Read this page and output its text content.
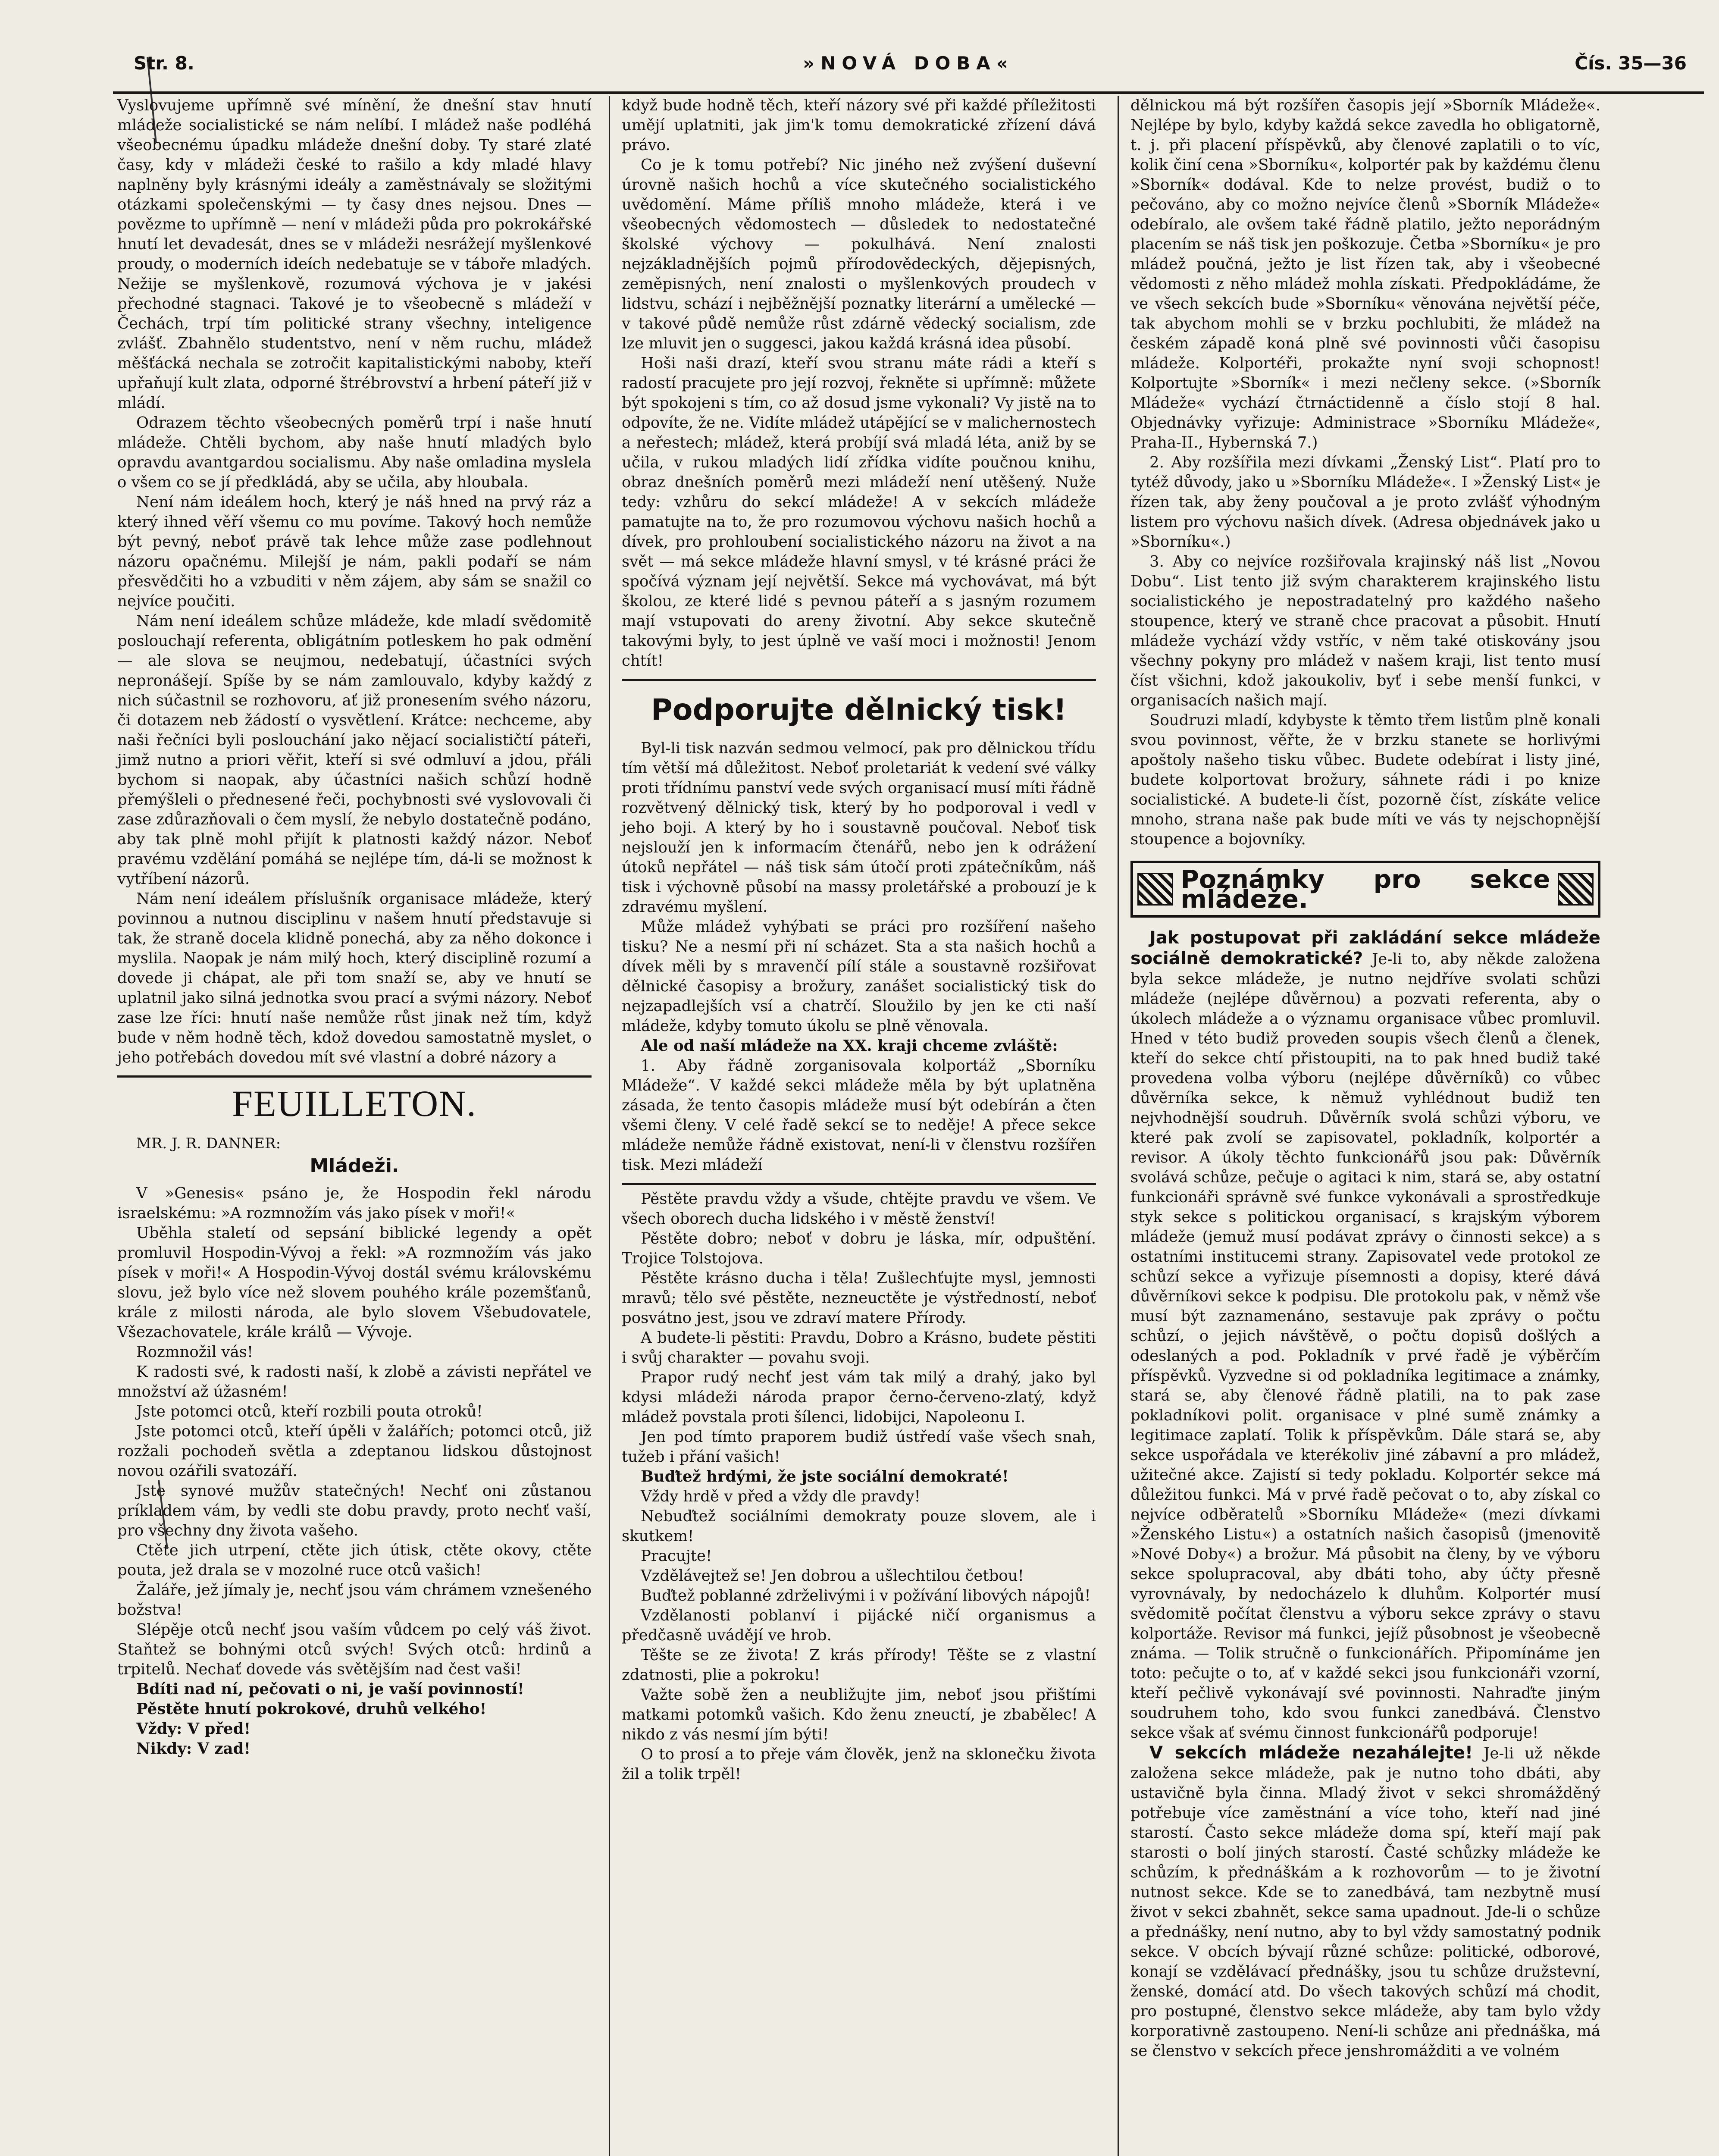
Str. 8.	»NOVÁ DOBA«	Čís. 35—36

Vyslovujeme upřímně své mínění, že dnešní stav hnutí mládeže socialistické se nám nelíbí. I mládež naše podléhá všeobecnému úpadku mládeže dnešní doby. Ty staré zlaté časy, kdy v mládeži české to rašilo a kdy mladé hlavy naplněny byly krásnými ideály a zaměstnávaly se složitými otázkami společenskými — ty časy dnes nejsou. Dnes — povězme to upřímně — není v mládeži půda pro pokrokářské hnutí let devadesát, dnes se v mládeži nesrážejí myšlenkové proudy, o moderních ideích nedebatuje se v táboře mladých. Nežije se myšlenkově, rozumová výchova je v jakési přechodné stagnaci. Takové je to všeobecně s mládeží v Čechách, trpí tím politické strany všechny, inteligence zvlášť. Zbahnělo studentstvo, není v něm ruchu, mládež měšťácká nechala se zotročit kapitalistickými naboby, kteří upřaňují kult zlata, odporné štrébrovství a hrbení páteří již v mládí.

Odrazem těchto všeobecných poměrů trpí i naše hnutí mládeže. Chtěli bychom, aby naše hnutí mladých bylo opravdu avantgardou socialismu. Aby naše omladina myslela o všem co se jí předkládá, aby se učila, aby hloubala.

Není nám ideálem hoch, který je náš hned na prvý ráz a který ihned věří všemu co mu povíme. Takový hoch nemůže být pevný, neboť právě tak lehce může zase podlehnout názoru opačnému. Milejší je nám, pakli podaří se nám přesvědčiti ho a vzbuditi v něm zájem, aby sám se snažil co nejvíce poučiti.

Nám není ideálem schůze mládeže, kde mladí svědomitě poslouchají referenta, obligátním potleskem ho pak odmění — ale slova se neujmou, nedebatují, účastníci svých nepronášejí. Spíše by se nám zamlouvalo, kdyby každý z nich súčastnil se rozhovoru, ať již pronesením svého názoru, či dotazem neb žádostí o vysvětlení. Krátce: nechceme, aby naši řečníci byli poslouchání jako nějací socialističtí páteři, jimž nutno a priori věřit, kteří si své odmluví a jdou, přáli bychom si naopak, aby účastníci našich schůzí hodně přemýšleli o přednesené řeči, pochybnosti své vyslovovali či zase zdůrazňovali o čem myslí, že nebylo dostatečně podáno, aby tak plně mohl přijít k platnosti každý názor. Neboť pravému vzdělání pomáhá se nejlépe tím, dá-li se možnost k vytříbení názorů.

Nám není ideálem příslušník organisace mládeže, který povinnou a nutnou disciplinu v našem hnutí představuje si tak, že straně docela klidně ponechá, aby za něho dokonce i myslila. Naopak je nám milý hoch, který disciplině rozumí a dovede ji chápat, ale při tom snaží se, aby ve hnutí se uplatnil jako silná jednotka svou prací a svými názory. Neboť zase lze říci: hnutí naše nemůže růst jinak než tím, když bude v něm hodně těch, kdož dovedou samostatně myslet, o jeho potřebách dovedou mít své vlastní a dobré názory a

FEUILLETON.

MR. J. R. DANNER:

Mládeži.

V »Genesis« psáno je, že Hospodin řekl národu israelskému: »A rozmnožím vás jako písek v moři!«

Uběhla staletí od sepsání biblické legendy a opět promluvil Hospodin-Vývoj a řekl: »A rozmnožím vás jako písek v moři!« A Hospodin-Vývoj dostál svému královskému slovu, jež bylo více než slovem pouhého krále pozemšťanů, krále z milosti národa, ale bylo slovem Všebudovatele, Všezachovatele, krále králů — Vývoje.

Rozmnožil vás!

K radosti své, k radosti naší, k zlobě a závisti nepřátel ve množství až úžasném!

Jste potomci otců, kteří rozbili pouta otroků!

Jste potomci otců, kteří úpěli v žalářích; potomci otců, již rozžali pochodeň světla a zdeptanou lidskou důstojnost novou ozářili svatozáří.

Jste synové mužův statečných! Nechť oni zůstanou príkladem vám, by vedli ste dobu pravdy, proto nechť vaší, pro všechny dny života vašeho.

Ctěte jich utrpení, ctěte jich útisk, ctěte okovy, ctěte pouta, jež drala se v mozolné ruce otců vašich!

Žaláře, jež jímaly je, nechť jsou vám chrámem vznešeného božstva!

Slépěje otců nechť jsou vaším vůdcem po celý váš život. Staňtež se bohnými otců svých! Svých otců: hrdinů a trpitelů. Nechať dovede vás světějším nad čest vaši!

Bdíti nad ní, pečovati o ni, je vaší povinností!

Pěstěte hnutí pokrokové, druhů velkého!

Vždy: V před!

Nikdy: V zad!

když bude hodně těch, kteří názory své při každé příležitosti umějí uplatniti, jak jim'k tomu demokratické zřízení dává právo.

Co je k tomu potřebí? Nic jiného než zvýšení duševní úrovně našich hochů a více skutečného socialistického uvědomění. Máme příliš mnoho mládeže, která i ve všeobecných vědomostech — důsledek to nedostatečné školské výchovy — pokulhává. Není znalosti nejzákladnějších pojmů přírodovědeckých, dějepisných, zeměpisných, není znalosti o myšlenkových proudech v lidstvu, schází i nejběžnější poznatky literární a umělecké — v takové půdě nemůže růst zdárně vědecký socialism, zde lze mluvit jen o suggesci, jakou každá krásná idea působí.

Hoši naši drazí, kteří svou stranu máte rádi a kteří s radostí pracujete pro její rozvoj, řekněte si upřímně: můžete být spokojeni s tím, co až dosud jsme vykonali? Vy jistě na to odpovíte, že ne. Vidíte mládež utápějící se v malichernostech a neřestech; mládež, která probíjí svá mladá léta, aniž by se učila, v rukou mladých lidí zřídka vidíte poučnou knihu, obraz dnešních poměrů mezi mládeží není utěšený. Nuže tedy: vzhůru do sekcí mládeže! A v sekcích mládeže pamatujte na to, že pro rozumovou výchovu našich hochů a dívek, pro prohloubení socialistického názoru na život a na svět — má sekce mládeže hlavní smysl, v té krásné práci že spočívá význam její největší. Sekce má vychovávat, má být školou, ze které lidé s pevnou páteří a s jasným rozumem mají vstupovati do areny životní. Aby sekce skutečně takovými byly, to jest úplně ve vaší moci i možnosti! Jenom chtít!

Podporujte dělnický tisk!

Byl-li tisk nazván sedmou velmocí, pak pro dělnickou třídu tím větší má důležitost. Neboť proletariát k vedení své války proti třídnímu panství vede svých organisací musí míti řádně rozvětvený dělnický tisk, který by ho podporoval i vedl v jeho boji. A který by ho i soustavně poučoval. Neboť tisk nejslouží jen k informacím čtenářů, nebo jen k odrážení útoků nepřátel — náš tisk sám útočí proti zpátečníkům, náš tisk i výchovně působí na massy proletářské a probouzí je k zdravému myšlení.

Může mládež vyhýbati se práci pro rozšíření našeho tisku? Ne a nesmí při ní scházet. Sta a sta našich hochů a dívek měli by s mravenčí pílí stále a soustavně rozšiřovat dělnické časopisy a brožury, zanášet socialistický tisk do nejzapadlejších vsí a chatrčí. Sloužilo by jen ke cti naší mládeže, kdyby tomuto úkolu se plně věnovala.

Ale od naší mládeže na XX. kraji chceme zvláště:

1. Aby řádně zorganisovala kolportáž „Sborníku Mládeže“. V každé sekci mládeže měla by být uplatněna zásada, že tento časopis mládeže musí být odebírán a čten všemi členy. V celé řadě sekcí se to neděje! A přece sekce mládeže nemůže řádně existovat, není-li v členstvu rozšířen tisk. Mezi mládeží

Pěstěte pravdu vždy a všude, chtějte pravdu ve všem. Ve všech oborech ducha lidského i v městě ženství!

Pěstěte dobro; neboť v dobru je láska, mír, odpuštění. Trojice Tolstojova.

Pěstěte krásno ducha i těla! Zušlechťujte mysl, jemnosti mravů; tělo své pěstěte, nezneuctěte je výstředností, neboť posvátno jest, jsou ve zdraví matere Přírody.

A budete-li pěstiti: Pravdu, Dobro a Krásno, budete pěstiti i svůj charakter — povahu svoji.

Prapor rudý nechť jest vám tak milý a drahý, jako byl kdysi mládeži národa prapor černo-červeno-zlatý, když mládež povstala proti šílenci, lidobijci, Napoleonu I.

Jen pod tímto praporem budiž ústředí vaše všech snah, tužeb i přání vašich!

Buďtež hrdými, že jste sociální demokraté!

Vždy hrdě v před a vždy dle pravdy!

Nebuďtež sociálními demokraty pouze slovem, ale i skutkem!

Pracujte!

Vzdělávejtež se! Jen dobrou a ušlechtilou četbou!

Buďtež poblanné zdrželivými i v požívání libových nápojů!

Vzdělanosti poblanví i pijácké ničí organismus a předčasně uvádějí ve hrob.

Těšte se ze života! Z krás přírody! Těšte se z vlastní zdatnosti, plie a pokroku!

Važte sobě žen a neubližujte jim, neboť jsou přištími matkami potomků vašich. Kdo ženu zneuctí, je zbabělec! A nikdo z vás nesmí jím býti!

O to prosí a to přeje vám člověk, jenž na sklonečku života žil a tolik trpěl!

dělnickou má být rozšířen časopis její »Sborník Mládeže«. Nejlépe by bylo, kdyby každá sekce zavedla ho obligatorně, t. j. při placení příspěvků, aby členové zaplatili o to víc, kolik činí cena »Sborníku«, kolportér pak by každému členu »Sborník« dodával. Kde to nelze provést, budiž o to pečováno, aby co možno nejvíce členů »Sborník Mládeže« odebíralo, ale ovšem také řádně platilo, ježto neporádným placením se náš tisk jen poškozuje. Četba »Sborníku« je pro mládež poučná, ježto je list řízen tak, aby i všeobecné vědomosti z něho mládež mohla získati. Předpokládáme, že ve všech sekcích bude »Sborníku« věnována největší péče, tak abychom mohli se v brzku pochlubiti, že mládež na českém západě koná plně své povinnosti vůči časopisu mládeže. Kolportéři, prokažte nyní svoji schopnost! Kolportujte »Sborník« i mezi nečleny sekce. (»Sborník Mládeže« vychází čtrnáctidenně a číslo stojí 8 hal. Objednávky vyřizuje: Administrace »Sborníku Mládeže«, Praha-II., Hybernská 7.)

2. Aby rozšířila mezi dívkami „Ženský List“. Platí pro to tytéž důvody, jako u »Sborníku Mládeže«. I »Ženský List« je řízen tak, aby ženy poučoval a je proto zvlášť výhodným listem pro výchovu našich dívek. (Adresa objednávek jako u »Sborníku«.)

3. Aby co nejvíce rozšiřovala krajinský náš list „Novou Dobu“. List tento již svým charakterem krajinského listu socialistického je nepostradatelný pro každého našeho stoupence, který ve straně chce pracovat a působit. Hnutí mládeže vychází vždy vstříc, v něm také otiskovány jsou všechny pokyny pro mládež v našem kraji, list tento musí číst všichni, kdož jakoukoliv, byť i sebe menší funkci, v organisacích našich mají.

Soudruzi mladí, kdybyste k těmto třem listům plně konali svou povinnost, věřte, že v brzku stanete se horlivými apoštoly našeho tisku vůbec. Budete odebírat i listy jiné, budete kolportovat brožury, sáhnete rádi i po knize socialistické. A budete-li číst, pozorně číst, získáte velice mnoho, strana naše pak bude míti ve vás ty nejschopnější stoupence a bojovníky.

Poznámky pro sekce mládeže.

Jak postupovat při zakládání sekce mládeže sociálně demokratické? Je-li to, aby někde založena byla sekce mládeže, je nutno nejdříve svolati schůzi mládeže (nejlépe důvěrnou) a pozvati referenta, aby o úkolech mládeže a o významu organisace vůbec promluvil. Hned v této budiž proveden soupis všech členů a členek, kteří do sekce chtí přistoupiti, na to pak hned budiž také provedena volba výboru (nejlépe důvěrníků) co vůbec důvěrníka sekce, k němuž vyhlédnout budiž ten nejvhodnější soudruh. Důvěrník svolá schůzi výboru, ve které pak zvolí se zapisovatel, pokladník, kolportér a revisor. A úkoly těchto funkcionářů jsou pak: Důvěrník svolává schůze, pečuje o agitaci k nim, stará se, aby ostatní funkcionáři správně své funkce vykonávali a sprostředkuje styk sekce s politickou organisací, s krajským výborem mládeže (jemuž musí podávat zprávy o činnosti sekce) a s ostatními institucemi strany. Zapisovatel vede protokol ze schůzí sekce a vyřizuje písemnosti a dopisy, které dává důvěrníkovi sekce k podpisu. Dle protokolu pak, v němž vše musí být zaznamenáno, sestavuje pak zprávy o počtu schůzí, o jejich návštěvě, o počtu dopisů došlých a odeslaných a pod. Pokladník v prvé řadě je výběrčím příspěvků. Vyzvedne si od pokladníka legitimace a známky, stará se, aby členové řádně platili, na to pak zase pokladníkovi polit. organisace v plné sumě známky a legitimace zaplatí. Tolik k příspěvkům. Dále stará se, aby sekce uspořádala ve kterékoliv jiné zábavní a pro mládež, užitečné akce. Zajistí si tedy pokladu. Kolportér sekce má důležitou funkci. Má v prvé řadě pečovat o to, aby získal co nejvíce odběratelů »Sborníku Mládeže« (mezi dívkami »Ženského Listu«) a ostatních našich časopisů (jmenovitě »Nové Doby«) a brožur. Má působit na členy, by ve výboru sekce spolupracoval, aby dbáti toho, aby účty přesně vyrovnávaly, by nedocházelo k dluhům. Kolportér musí svědomitě počítat členstvu a výboru sekce zprávy o stavu kolportáže. Revisor má funkci, jejíž působnost je všeobecně známa. — Tolik stručně o funkcionářích. Připomínáme jen toto: pečujte o to, ať v každé sekci jsou funkcionáři vzorní, kteří pečlivě vykonávají své povinnosti. Nahraďte jiným soudruhem toho, kdo svou funkci zanedbává. Členstvo sekce však ať svému činnost funkcionářů podporuje!

V sekcích mládeže nezahálejte! Je-li už někde založena sekce mládeže, pak je nutno toho dbáti, aby ustavičně byla činna. Mladý život v sekci shromážděný potřebuje více zaměstnání a více toho, kteří nad jiné starostí. Často sekce mládeže doma spí, kteří mají pak starosti o bolí jiných starostí. Časté schůzky mládeže ke schůzím, k přednáškám a k rozhovorům — to je životní nutnost sekce. Kde se to zanedbává, tam nezbytně musí život v sekci zbahnět, sekce sama upadnout. Jde-li o schůze a přednášky, není nutno, aby to byl vždy samostatný podnik sekce. V obcích bývají různé schůze: politické, odborové, konají se vzdělávací přednášky, jsou tu schůze družstevní, ženské, domácí atd. Do všech takových schůzí má chodit, pro postupné, členstvo sekce mládeže, aby tam bylo vždy korporativně zastoupeno. Není-li schůze ani přednáška, má se členstvo v sekcích přece jenshromážditi a ve volném
